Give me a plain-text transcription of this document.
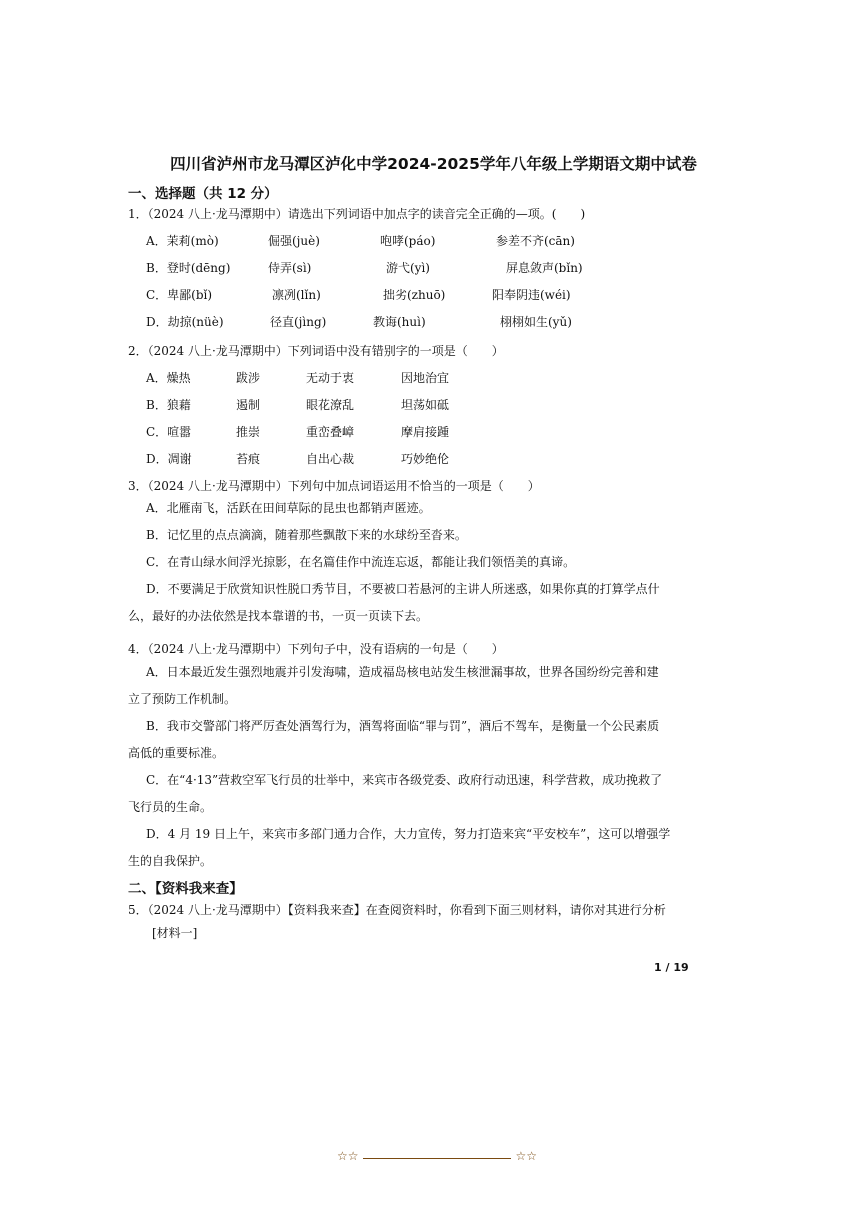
四川省泸州市龙马潭区泸化中学2024-2025学年八年级上学期语文期中试卷
一、选择题（共 12 分）
1．（2024 八上·龙马潭期中）请选出下列词语中加点字的读音完全正确的—项。(　　)
A．茉莉(mò)	倔强(juè)	咆哮(páo)	参差不齐(cān)
B．登时(dēng)	侍弄(sì)	游弋(yì)	屏息敛声(bǐn)
C．卑鄙(bǐ)	凛冽(lǐn)	拙劣(zhuō)	阳奉阴违(wéi)
D．劫掠(nüè)	径直(jìng)	教诲(huì)	栩栩如生(yǔ)
2．（2024 八上·龙马潭期中）下列词语中没有错别字的一项是（　　）
A．燥热	跋涉	无动于衷	因地治宜
B．狼藉	遏制	眼花潦乱	坦荡如砥
C．喧嚣	推崇	重峦叠嶂	摩肩接踵
D．凋谢	苔痕	自出心裁	巧妙绝伦
3．（2024 八上·龙马潭期中）下列句中加点词语运用不恰当的一项是（　　）
A．北雁南飞，活跃在田间草际的昆虫也都销声匿迹。
B．记忆里的点点滴滴，随着那些飘散下来的水球纷至沓来。
C．在青山绿水间浮光掠影，在名篇佳作中流连忘返，都能让我们领悟美的真谛。
D．不要满足于欣赏知识性脱口秀节目，不要被口若悬河的主讲人所迷惑，如果你真的打算学点什
么，最好的办法依然是找本靠谱的书，一页一页读下去。
4．（2024 八上·龙马潭期中）下列句子中，没有语病的一句是（　　）
A．日本最近发生强烈地震并引发海啸，造成福岛核电站发生核泄漏事故，世界各国纷纷完善和建
立了预防工作机制。
B．我市交警部门将严厉查处酒驾行为，酒驾将面临“罪与罚”，酒后不驾车，是衡量一个公民素质
高低的重要标准。
C．在“4·13”营救空军飞行员的壮举中，来宾市各级党委、政府行动迅速，科学营救，成功挽救了
飞行员的生命。
D．4 月 19 日上午，来宾市多部门通力合作，大力宣传，努力打造来宾“平安校车”，这可以增强学
生的自我保护。
二、【资料我来查】
5．（2024 八上·龙马潭期中）【资料我来查】在查阅资料时，你看到下面三则材料，请你对其进行分析
[材料一]
1 / 19
☆☆	☆☆
